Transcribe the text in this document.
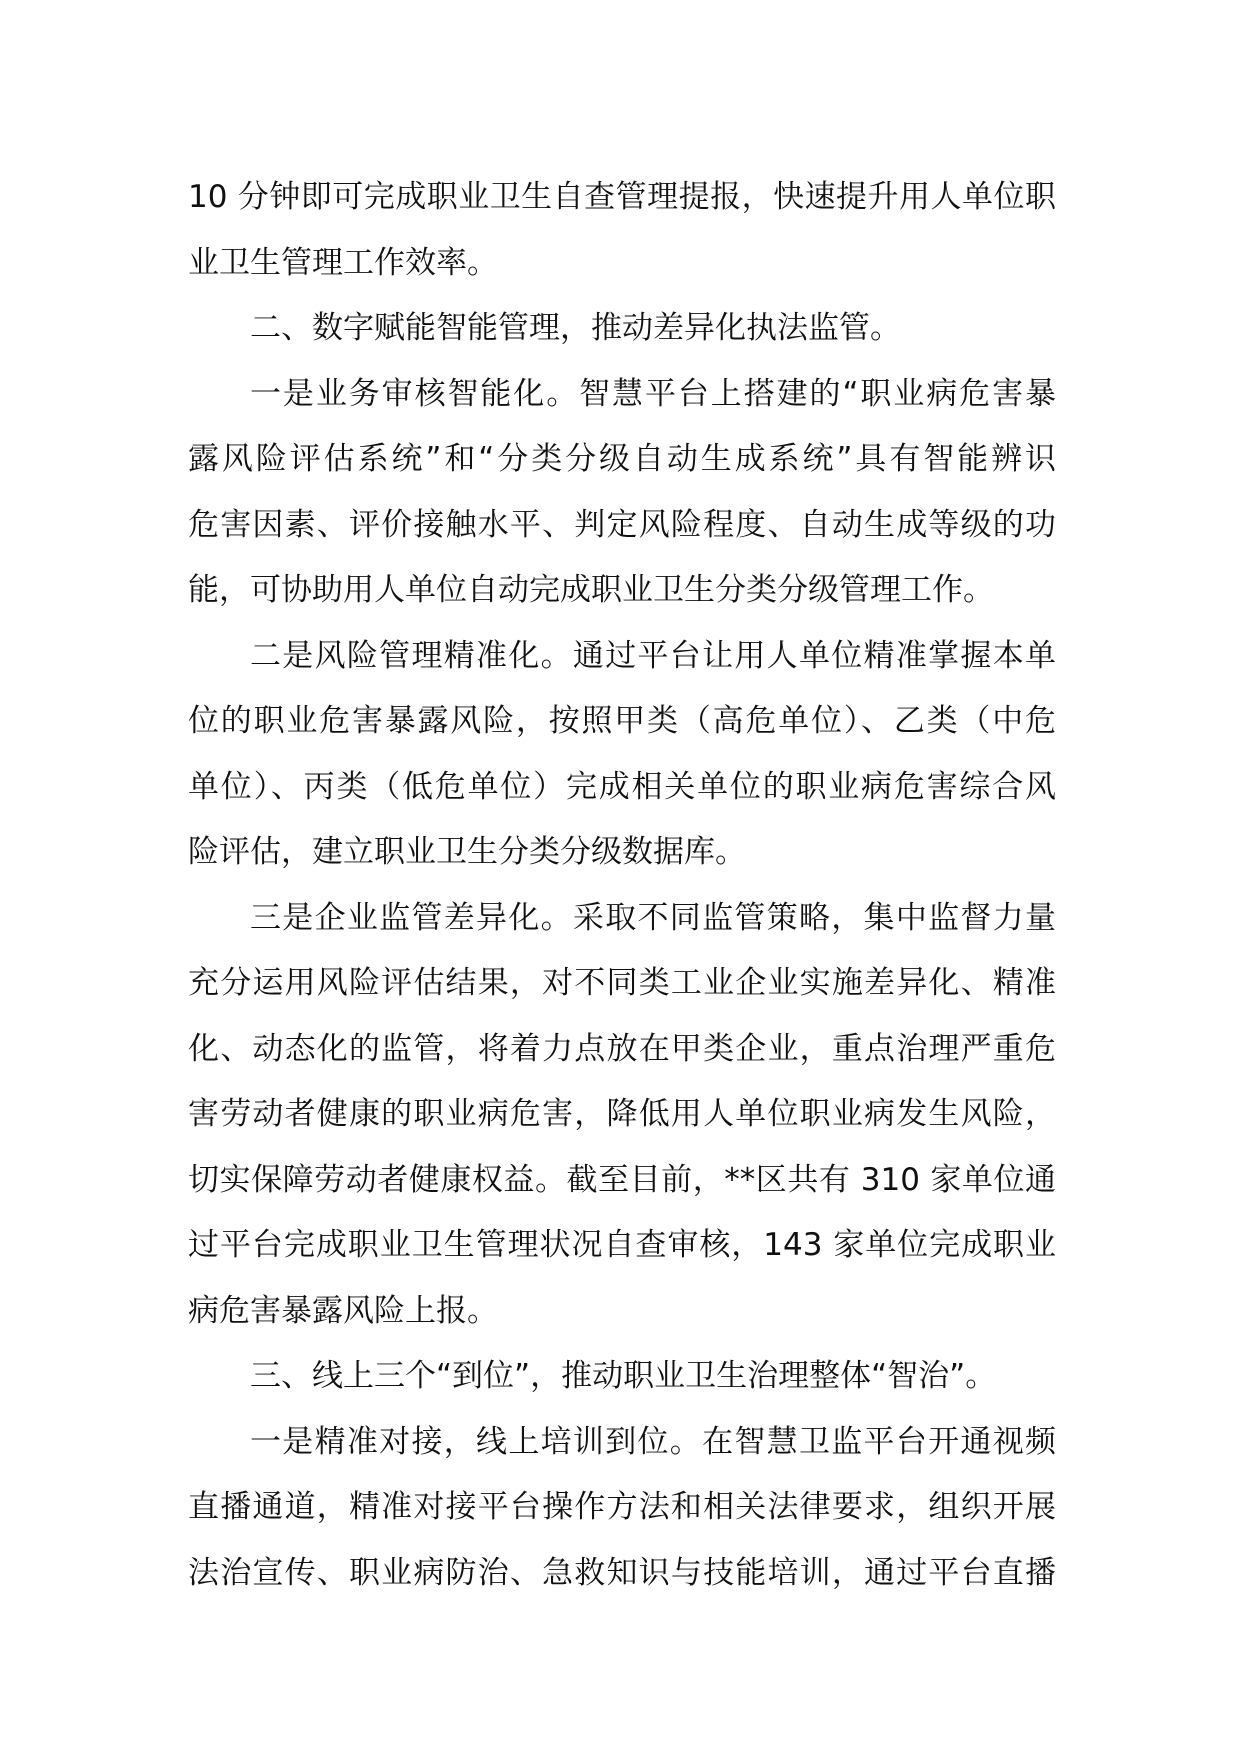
10 分钟即可完成职业卫生自查管理提报，快速提升用人单位职
业卫生管理工作效率。
二、数字赋能智能管理，推动差异化执法监管。
一是业务审核智能化。智慧平台上搭建的“职业病危害暴
露风险评估系统”和“分类分级自动生成系统”具有智能辨识
危害因素、评价接触水平、判定风险程度、自动生成等级的功
能，可协助用人单位自动完成职业卫生分类分级管理工作。
二是风险管理精准化。通过平台让用人单位精准掌握本单
位的职业危害暴露风险，按照甲类（高危单位）、乙类（中危
单位）、丙类（低危单位）完成相关单位的职业病危害综合风
险评估，建立职业卫生分类分级数据库。
三是企业监管差异化。采取不同监管策略，集中监督力量
充分运用风险评估结果，对不同类工业企业实施差异化、精准
化、动态化的监管，将着力点放在甲类企业，重点治理严重危
害劳动者健康的职业病危害，降低用人单位职业病发生风险，
切实保障劳动者健康权益。截至目前，**区共有 310 家单位通
过平台完成职业卫生管理状况自查审核，143 家单位完成职业
病危害暴露风险上报。
三、线上三个“到位”，推动职业卫生治理整体“智治”。
一是精准对接，线上培训到位。在智慧卫监平台开通视频
直播通道，精准对接平台操作方法和相关法律要求，组织开展
法治宣传、职业病防治、急救知识与技能培训，通过平台直播
